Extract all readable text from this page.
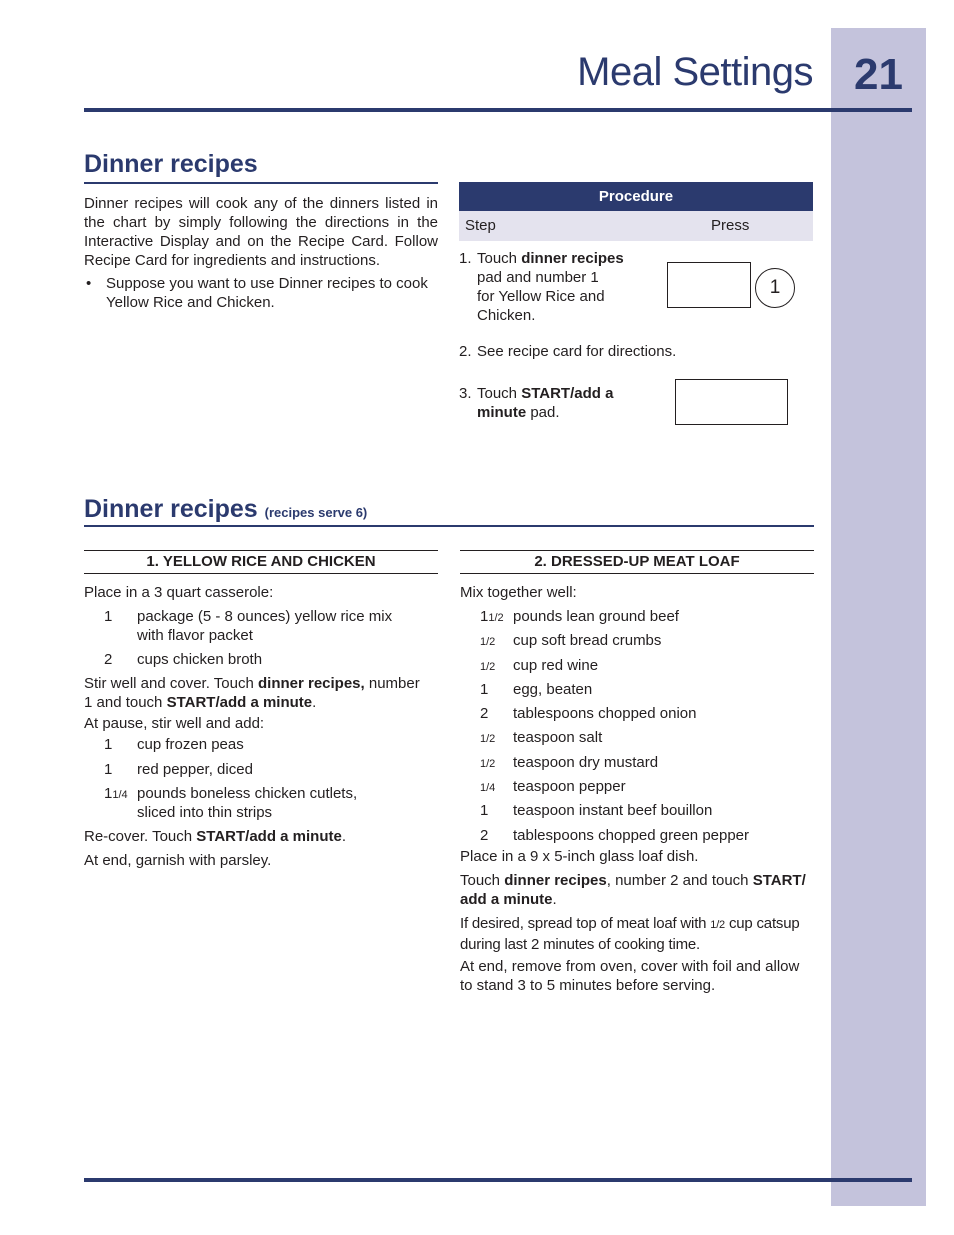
Meal Settings 21
Dinner recipes
Dinner recipes will cook any of the dinners listed in the chart by simply following the directions in the Interactive Display and on the Recipe Card. Follow Recipe Card for ingredients and instructions.
• Suppose you want to use Dinner recipes to cook Yellow Rice and Chicken.
Procedure
Step	Press
1. Touch dinner recipes
pad and number 1 for Yellow Rice and Chicken.
1
2. See recipe card for directions.
3. Touch START/add a
minute pad.
Dinner recipes (recipes serve 6)
1. YELLOW RICE AND CHICKEN
Place in a 3 quart casserole:
1 package (5 - 8 ounces) yellow rice mix
with flavor packet
2 cups chicken broth
Stir well and cover. Touch dinner recipes, number
1 and touch START/add a minute.
At pause, stir well and add:
1 cup frozen peas
1 red pepper, diced
11/4 pounds boneless chicken cutlets,
sliced into thin strips
Re-cover. Touch START/add a minute.
At end, garnish with parsley.
2. DRESSED-UP MEAT LOAF
Mix together well:
11/2 pounds lean ground beef
1/2 cup soft bread crumbs
1/2 cup red wine
1 egg, beaten
2 tablespoons chopped onion
1/2 teaspoon salt
1/2 teaspoon dry mustard
1/4 teaspoon pepper
1 teaspoon instant beef bouillon
2 tablespoons chopped green pepper
Place in a 9 x 5-inch glass loaf dish.
Touch dinner recipes, number 2 and touch START/
add a minute.
If desired, spread top of meat loaf with 1/2 cup catsup
during last 2 minutes of cooking time.
At end, remove from oven, cover with foil and allow
to stand 3 to 5 minutes before serving.
